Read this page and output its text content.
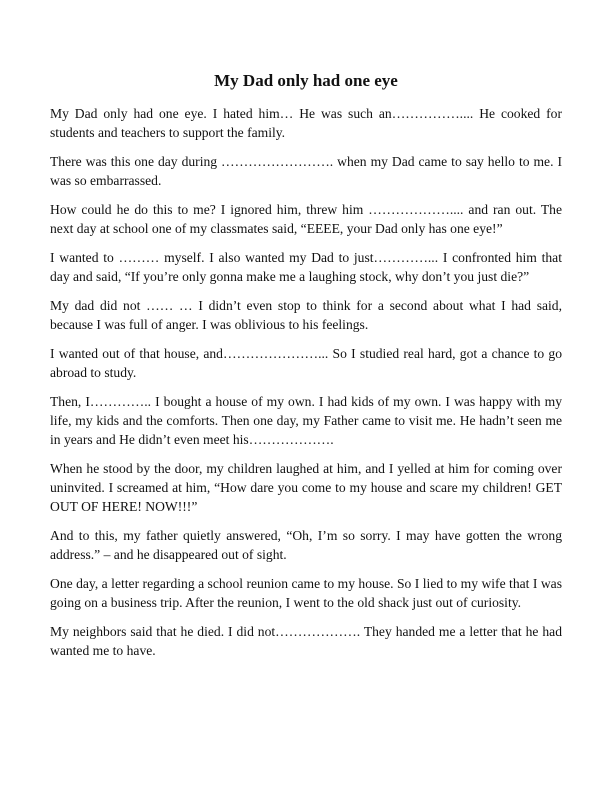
My Dad only had one eye

My Dad only had one eye. I hated him… He was such an…………….... He cooked for students and teachers to support the family.

There was this one day during ……………………. when my Dad came to say hello to me. I was so embarrassed.

How could he do this to me? I ignored him, threw him ……………….... and ran out. The next day at school one of my classmates said, “EEEE, your Dad only has one eye!”

I wanted to ……… myself. I also wanted my Dad to just…………... I confronted him that day and said, “If you’re only gonna make me a laughing stock, why don’t you just die?”

My dad did not …… … I didn’t even stop to think for a second about what I had said, because I was full of anger. I was oblivious to his feelings.

I wanted out of that house, and…………………... So I studied real hard, got a chance to go abroad to study.

Then, I………….. I bought a house of my own. I had kids of my own. I was happy with my life, my kids and the comforts. Then one day, my Father came to visit me. He hadn’t seen me in years and He didn’t even meet his……………….

When he stood by the door, my children laughed at him, and I yelled at him for coming over uninvited. I screamed at him, “How dare you come to my house and scare my children! GET OUT OF HERE! NOW!!!”

And to this, my father quietly answered, “Oh, I’m so sorry. I may have gotten the wrong address.” – and he disappeared out of sight.

One day, a letter regarding a school reunion came to my house. So I lied to my wife that I was going on a business trip. After the reunion, I went to the old shack just out of curiosity.

My neighbors said that he died. I did not………………. They handed me a letter that he had wanted me to have.
